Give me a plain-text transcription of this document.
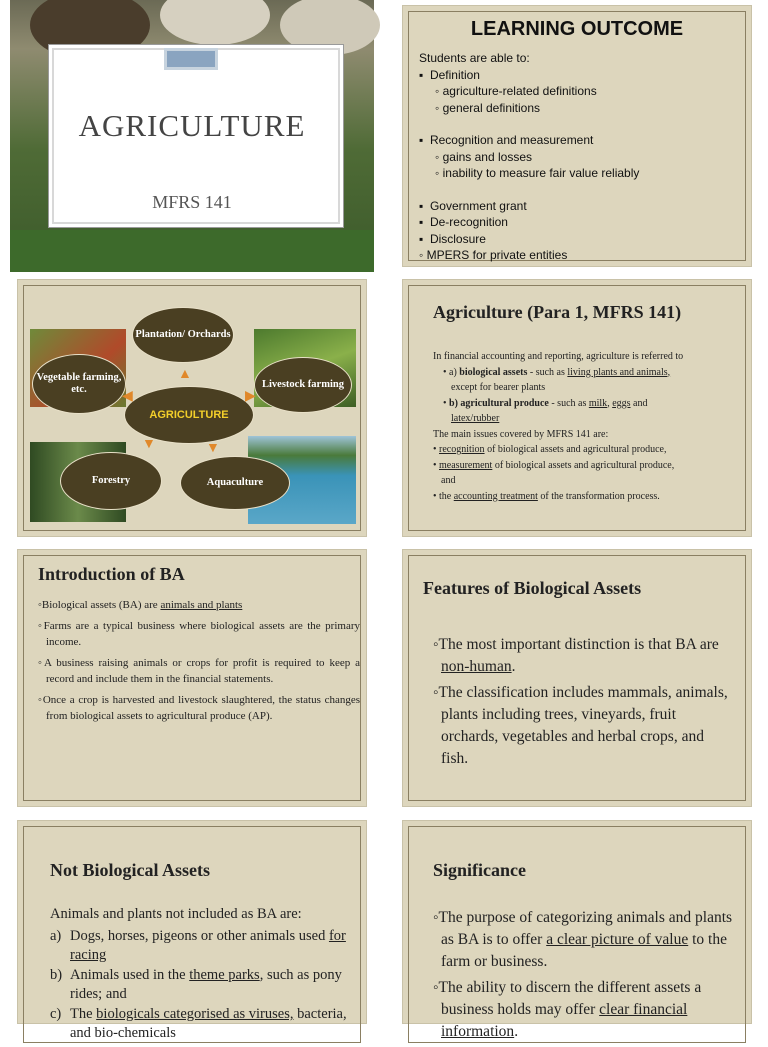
AGRICULTURE
MFRS 141
LEARNING OUTCOME
Students are able to:
▪ Definition
◦ agriculture-related definitions
◦ general definitions
▪ Recognition and measurement
◦ gains and losses
◦ inability to measure fair value reliably
▪ Government grant
▪ De-recognition
▪ Disclosure
◦ MPERS for private entities
Plantation/ Orchards
Vegetable farming, etc.	Livestock farming
AGRICULTURE
Forestry	Aquaculture
▲
◀	▶
▼	▼
Agriculture (Para 1, MFRS 141)
In financial accounting and reporting, agriculture is referred to
• a) biological assets - such as living plants and animals,
except for bearer plants
• b) agricultural produce - such as milk, eggs and
latex/rubber
The main issues covered by MFRS 141 are:
• recognition of biological assets and agricultural produce,
• measurement of biological assets and agricultural produce,
and
• the accounting treatment of the transformation process.
Introduction of BA
◦Biological assets (BA) are animals and plants
◦Farms are a typical business where biological assets are the primary income.
◦A business raising animals or crops for profit is required to keep a record and include them in the financial statements.
◦Once a crop is harvested and livestock slaughtered, the status changes from biological assets to agricultural produce (AP).
Features of Biological Assets
◦The most important distinction is that BA are non-human.
◦The classification includes mammals, animals, plants including trees, vineyards, fruit orchards, vegetables and herbal crops, and fish.
Not Biological Assets
Animals and plants not included as BA are:
a) Dogs, horses, pigeons or other animals used for racing
b) Animals used in the theme parks, such as pony rides; and
c) The biologicals categorised as viruses, bacteria, and bio-chemicals
Significance
◦The purpose of categorizing animals and plants as BA is to offer a clear picture of value to the farm or business.
◦The ability to discern the different assets a business holds may offer clear financial information.
